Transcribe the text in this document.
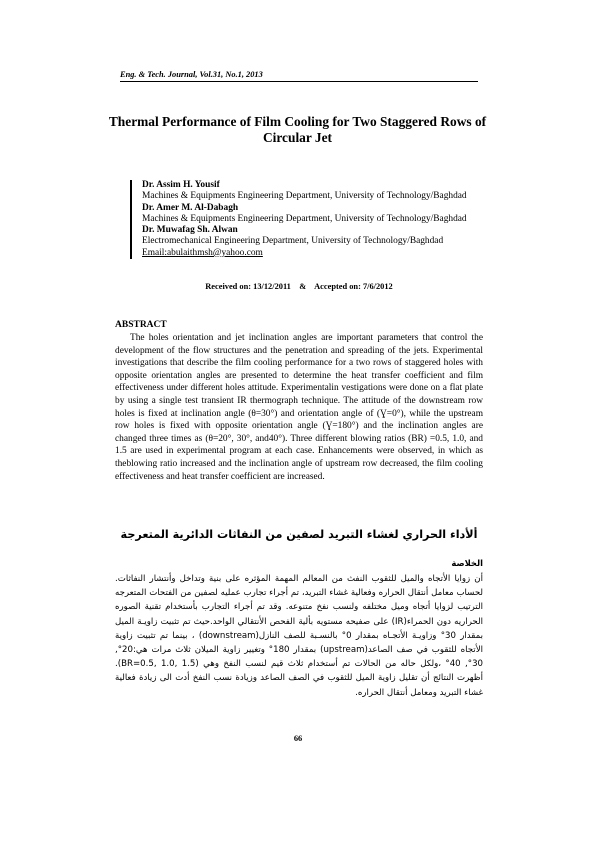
Eng. & Tech. Journal, Vol.31, No.1, 2013
Thermal Performance of Film Cooling for Two Staggered Rows of Circular Jet
Dr. Assim H. Yousif
Machines & Equipments Engineering Department, University of Technology/Baghdad
Dr. Amer M. Al-Dabagh
Machines & Equipments Engineering Department, University of Technology/Baghdad
Dr. Muwafag Sh. Alwan
Electromechanical Engineering Department, University of Technology/Baghdad
Email:abulaithmsh@yahoo.com
Received on: 13/12/2011    &    Accepted on: 7/6/2012
ABSTRACT

The holes orientation and jet inclination angles are important parameters that control the development of the flow structures and the penetration and spreading of the jets. Experimental investigations that describe the film cooling performance for a two rows of staggered holes with opposite orientation angles are presented to determine the heat transfer coefficient and film effectiveness under different holes attitude. Experimentalin vestigations were done on a flat plate by using a single test transient IR thermograph technique. The attitude of the downstream row holes is fixed at inclination angle (θ=30°) and orientation angle of (Ɣ=0°), while the upstream row holes is fixed with opposite orientation angle (Ɣ=180°) and the inclination angles are changed three times as (θ=20°, 30°, and40°). Three different blowing ratios (BR) =0.5, 1.0, and 1.5 are used in experimental program at each case. Enhancements were observed, in which as theblowing ratio increased and the inclination angle of upstream row decreased, the film cooling effectiveness and heat transfer coefficient are increased.

ألأداء الحراري لغشاء التبريد لصفين من النفاثات الدائرية المتعرجة
الخلاصة

أن زوايا الأتجاه والميل للثقوب النفث من المعالم المهمة المؤثره على بنية وتداخل وأنتشار النفاثات. لحساب معامل أنتقال الحراره وفعالية غشاء التبريد، تم أجراء تجارب عمليه لصفين من الفتحات المتعرجه الترتيب لزوايا أتجاه وميل مختلفه ولنسب نفخ متنوعه. وقد تم أجراء التجارب بأستخدام تقنية الصوره الحراريه دون الحمراء(IR) على صفيحه مستويه بألية الفحص الأنتقالي الواحد.حيث تم تثبيت زاويـة الميل بمقدار 30° وزاويـة الأتجـاه بمقدار 0° بالنسـبة للصف النازل(downstream) ، بينما تم تثبيت زاوية الأتجاه للثقوب في صف الصاعد(upstream) بمقدار 180° وتغيير زاوية الميلان ثلاث مرات هي:20°, 30°, 40° ،ولكل حاله من الحالات تم أستخدام ثلاث قيم لنسب النفخ وهي (BR=0.5, 1.0, 1.5). أظهرت النتائج أن تقليل زاوية الميل للثقوب في الصف الصاعد وزيادة نسب النفخ أدت الى زيادة فعالية غشاء التبريد ومعامل أنتقال الحراره.

66
